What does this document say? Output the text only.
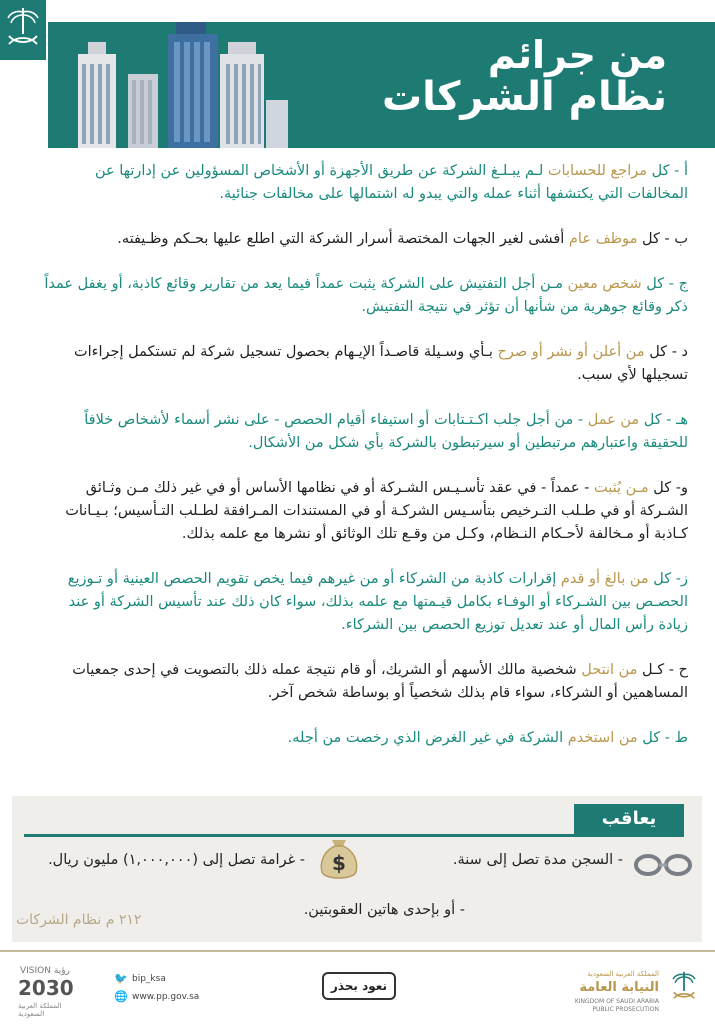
من جرائم
نظام الشركات

أ - كل مراجع للحسابات لـم يبـلـغ الشركة عن طريق الأجهزة أو الأشخاص المسؤولين عن إدارتها عن المخالفات التي يكتشفها أثناء عمله والتي يبدو له اشتمالها على مخالفات جنائية.

ب - كل موظف عام أفشى لغير الجهات المختصة أسرار الشركة التي اطلع عليها بحـكم وظـيفته.

ج - كل شخص معين مـن أجل التفتيش على الشركة يثبت عمداً فيما يعد من تقارير وقائع كاذبة، أو يغفل عمداً ذكر وقائع جوهرية من شأنها أن تؤثر في نتيجة التفتيش.

د - كل من أعلن أو نشر أو صرح بـأي وسـيلة قاصـداً الإيـهام بحصول تسجيل شركة لم تستكمل إجراءات تسجيلها لأي سبب.

هـ - كل من عمل - من أجل جلب اكـتـتابات أو استيفاء أقيام الحصص - على نشر أسماء لأشخاص خلافاً للحقيقة واعتبارهم مرتبطين أو سيرتبطون بالشركة بأي شكل من الأشكال.

و- كل مـن يُثبت - عمداً - في عقد تأسـيـس الشـركة أو في نظامها الأساس أو في غير ذلك مـن وثـائق الشـركة أو في طـلب التـرخيص بتأسـيس الشركـة أو في المستندات المـرافقة لطـلب التـأسيس؛ بـيـانات كـاذبة أو مـخالفة لأحـكام النـظام، وكـل من وقـع تلك الوثائق أو نشرها مع علمه بذلك.

ز- كل من بالغ أو قدم إقرارات كاذبة من الشركاء أو من غيرهم فيما يخص تقويم الحصص العينية أو تـوزيع الحصـص بين الشـركاء أو الوفـاء بكامل قيـمتها مع علمه بذلك، سواء كان ذلك عند تأسيس الشركة أو عند زيادة رأس المال أو عند تعديل توزيع الحصص بين الشركاء.

ح - كـل من انتحل شخصية مالك الأسهم أو الشريك، أو قام نتيجة عمله ذلك بالتصويت في إحدى جمعيات المساهمين أو الشركاء، سواء قام بذلك شخصياً أو بوساطة شخص آخر.

ط - كل من استخدم الشركة في غير الغرض الذي رخصت من أجله.

يعاقب
- السجن مدة تصل إلى سنة.
$
- غرامة تصل إلى (١,٠٠٠,٠٠٠) مليون ريال.
- أو بإحدى هاتين العقوبتين.
٢١٢ م نظام الشركات
VISION رؤية
2030
المملكة العربية السعودية
🐦 bip_ksa
🌐 www.pp.gov.sa
نعود بحذر
المملكة العربية السعودية
النيابة العامة
KINGDOM OF SAUDI ARABIA
PUBLIC PROSECUTION
